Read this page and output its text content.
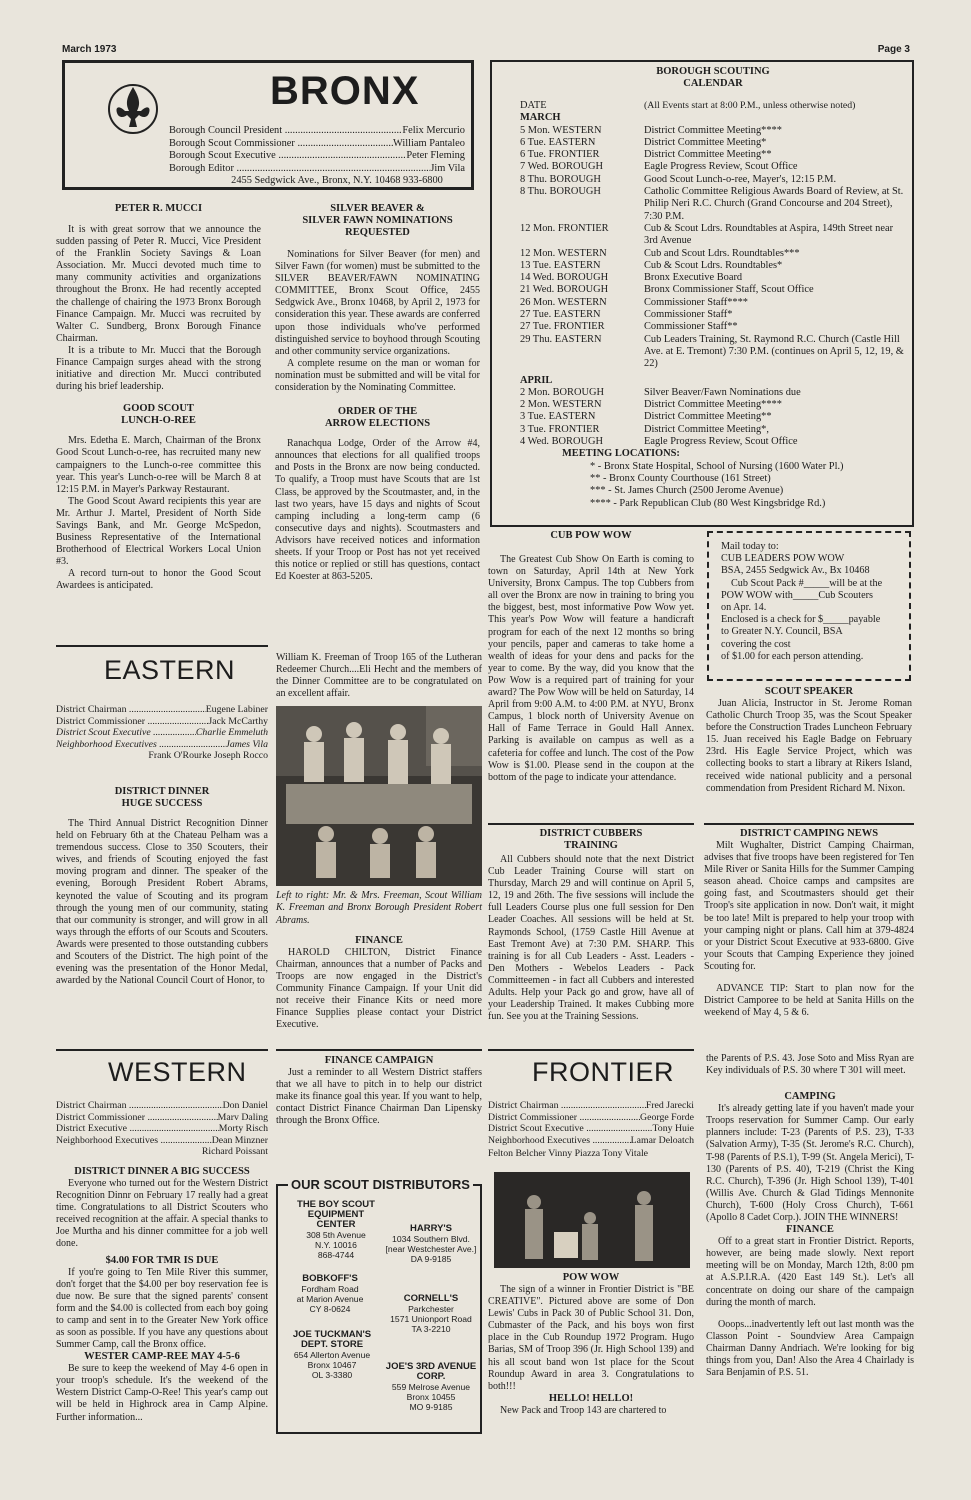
March 1973	Page 3
BRONX
Borough Council President .....	Felix Mercurio
Borough Scout Commissioner .....	William Pantaleo
Borough Scout Executive .....	Peter Fleming
Borough Editor .....	Jim Vila
2455 Sedgwick Ave., Bronx, N.Y. 10468 933-6800
PETER R. MUCCI

It is with great sorrow that we announce the sudden passing of Peter R. Mucci, Vice President of the Franklin Society Savings & Loan Association. Mr. Mucci devoted much time to many community activities and organizations throughout the Bronx. He had recently accepted the challenge of chairing the 1973 Bronx Borough Finance Campaign. Mr. Mucci was recruited by Walter C. Sundberg, Bronx Borough Finance Chairman.

It is a tribute to Mr. Mucci that the Borough Finance Campaign surges ahead with the strong initiative and direction Mr. Mucci contributed during his brief leadership.

GOOD SCOUT
LUNCH-O-REE

Mrs. Edetha E. March, Chairman of the Bronx Good Scout Lunch-o-ree, has recruited many new campaigners to the Lunch-o-ree committee this year. This year's Lunch-o-ree will be March 8 at 12:15 P.M. in Mayer's Parkway Restaurant.

The Good Scout Award recipients this year are Mr. Arthur J. Martel, President of North Side Savings Bank, and Mr. George McSpedon, Business Representative of the International Brotherhood of Electrical Workers Local Union #3.

A record turn-out to honor the Good Scout Awardees is anticipated.

SILVER BEAVER &
SILVER FAWN NOMINATIONS
REQUESTED

Nominations for Silver Beaver (for men) and Silver Fawn (for women) must be submitted to the SILVER BEAVER/FAWN NOMINATING COMMITTEE, Bronx Scout Office, 2455 Sedgwick Ave., Bronx 10468, by April 2, 1973 for consideration this year. These awards are conferred upon those individuals who've performed distinguished service to boyhood through Scouting and other community service organizations.

A complete resume on the man or woman for nomination must be submitted and will be vital for consideration by the Nominating Committee.

ORDER OF THE
ARROW ELECTIONS

Ranachqua Lodge, Order of the Arrow #4, announces that elections for all qualified troops and Posts in the Bronx are now being conducted. To qualify, a Troop must have Scouts that are 1st Class, be approved by the Scoutmaster, and, in the last two years, have 15 days and nights of Scout camping including a long-term camp (6 consecutive days and nights). Scoutmasters and Advisors have received notices and information sheets. If your Troop or Post has not yet received this notice or replied or still has questions, contact Ed Koester at 863-5205.

BOROUGH SCOUTING
CALENDAR
DATE	(All Events start at 8:00 P.M., unless otherwise noted)
MARCH
5 Mon. WESTERN	District Committee Meeting****
6 Tue. EASTERN	District Committee Meeting*
6 Tue. FRONTIER	District Committee Meeting**
7 Wed. BOROUGH	Eagle Progress Review, Scout Office
8 Thu. BOROUGH	Good Scout Lunch-o-ree, Mayer's, 12:15 P.M.
8 Thu. BOROUGH	Catholic Committee Religious Awards Board of Review, at St. Philip Neri R.C. Church (Grand Concourse and 204 Street), 7:30 P.M.
12 Mon. FRONTIER	Cub & Scout Ldrs. Roundtables at Aspira, 149th Street near 3rd Avenue
12 Mon. WESTERN	Cub and Scout Ldrs. Roundtables***
13 Tue. EASTERN	Cub & Scout Ldrs. Roundtables*
14 Wed. BOROUGH	Bronx Executive Board
21 Wed. BOROUGH	Bronx Commissioner Staff, Scout Office
26 Mon. WESTERN	Commissioner Staff****
27 Tue. EASTERN	Commissioner Staff*
27 Tue. FRONTIER	Commissioner Staff**
29 Thu. EASTERN	Cub Leaders Training, St. Raymond R.C. Church (Castle Hill Ave. at E. Tremont) 7:30 P.M. (continues on April 5, 12, 19, & 22)
APRIL
2 Mon. BOROUGH	Silver Beaver/Fawn Nominations due
2 Mon. WESTERN	District Committee Meeting****
3 Tue. EASTERN	District Committee Meeting**
3 Tue. FRONTIER	District Committee Meeting*,
4 Wed. BOROUGH	Eagle Progress Review, Scout Office
MEETING LOCATIONS:
* - Bronx State Hospital, School of Nursing (1600 Water Pl.)
** - Bronx County Courthouse (161 Street)
*** - St. James Church (2500 Jerome Avenue)
**** - Park Republican Club (80 West Kingsbridge Rd.)
EASTERN
District Chairman .....	Eugene Labiner
District Commissioner .....	Jack McCarthy
District Scout Executive .....	Charlie Emmeluth
Neighborhood Executives .....	James Vila
Frank O'Rourke Joseph Rocco
DISTRICT DINNER
HUGE SUCCESS

The Third Annual District Recognition Dinner held on February 6th at the Chateau Pelham was a tremendous success. Close to 350 Scouters, their wives, and friends of Scouting enjoyed the fast moving program and dinner. The speaker of the evening, Borough President Robert Abrams, keynoted the value of Scouting and its program through the young men of our community, stating that our community is stronger, and will grow in all ways through the efforts of our Scouts and Scouters. Awards were presented to those outstanding cubbers and Scouters of the District. The high point of the evening was the presentation of the Honor Medal, awarded by the National Council Court of Honor, to

William K. Freeman of Troop 165 of the Lutheran Redeemer Church....Eli Hecht and the members of the Dinner Committee are to be congratulated on an excellent affair.

Left to right: Mr. & Mrs. Freeman, Scout William K. Freeman and Bronx Borough President Robert Abrams.
FINANCE

HAROLD CHILTON, District Finance Chairman, announces that a number of Packs and Troops are now engaged in the District's Community Finance Campaign. If your Unit did not receive their Finance Kits or need more Finance Supplies please contact your District Executive.

CUB POW WOW

The Greatest Cub Show On Earth is coming to town on Saturday, April 14th at New York University, Bronx Campus. The top Cubbers from all over the Bronx are now in training to bring you the biggest, best, most informative Pow Wow yet. This year's Pow Wow will feature a handicraft program for each of the next 12 months so bring your pencils, paper and cameras to take home a wealth of ideas for your dens and packs for the year to come. By the way, did you know that the Pow Wow is a required part of training for your award? The Pow Wow will be held on Saturday, 14 April from 9:00 A.M. to 4:00 P.M. at NYU, Bronx Campus, 1 block north of University Avenue on Hall of Fame Terrace in Gould Hall Annex. Parking is available on campus as well as a cafeteria for coffee and lunch. The cost of the Pow Wow is $1.00. Please send in the coupon at the bottom of the page to indicate your attendance.

Mail today to:
CUB LEADERS POW WOW
BSA, 2455 Sedgwick Av., Bx 10468
Cub Scout Pack #_____will be at the
POW WOW with_____Cub Scouters
on Apr. 14.
Enclosed is a check for $_____payable
to Greater N.Y. Council, BSA
covering the cost
of $1.00 for each person attending.
SCOUT SPEAKER

Juan Alicia, Instructor in St. Jerome Roman Catholic Church Troop 35, was the Scout Speaker before the Construction Trades Luncheon February 15. Juan received his Eagle Badge on February 23rd. His Eagle Service Project, which was collecting books to start a library at Rikers Island, received wide national publicity and a personal commendation from President Richard M. Nixon.

DISTRICT CUBBERS
TRAINING

All Cubbers should note that the next District Cub Leader Training Course will start on Thursday, March 29 and will continue on April 5, 12, 19 and 26th. The five sessions will include the full Leaders Course plus one full session for Den Leader Coaches. All sessions will be held at St. Raymonds School, (1759 Castle Hill Avenue at East Tremont Ave) at 7:30 P.M. SHARP. This training is for all Cub Leaders - Asst. Leaders - Den Mothers - Webelos Leaders - Pack Committeemen - in fact all Cubbers and interested Adults. Help your Pack go and grow, have all of your Leadership Trained. It makes Cubbing more fun. See you at the Training Sessions.

DISTRICT CAMPING NEWS

Milt Wughalter, District Camping Chairman, advises that five troops have been registered for Ten Mile River or Sanita Hills for the Summer Camping season ahead. Choice camps and campsites are going fast, and Scoutmasters should get their Troop's site application in now. Don't wait, it might be too late! Milt is prepared to help your troop with your camping night or plans. Call him at 379-4824 or your District Scout Executive at 933-6800. Give your Scouts that Camping Experience they joined Scouting for.

ADVANCE TIP: Start to plan now for the District Camporee to be held at Sanita Hills on the weekend of May 4, 5 & 6.

WESTERN
District Chairman .....	Don Daniel
District Commissioner .....	Marv Daling
District Executive .....	Morty Risch
Neighborhood Executives .....	Dean Minzner
Richard Poissant
DISTRICT DINNER A BIG SUCCESS

Everyone who turned out for the Western District Recognition Dinnr on February 17 really had a great time. Congratulations to all District Scouters who received recognition at the affair. A special thanks to Joe Murtha and his dinner committee for a job well done.

$4.00 FOR TMR IS DUE

If you're going to Ten Mile River this summer, don't forget that the $4.00 per boy reservation fee is due now. Be sure that the signed parents' consent form and the $4.00 is collected from each boy going to camp and sent in to the Greater New York office as soon as possible. If you have any questions about Summer Camp, call the Bronx office.

WESTER CAMP-REE MAY 4-5-6

Be sure to keep the weekend of May 4-6 open in your troop's schedule. It's the weekend of the Western District Camp-O-Ree! This year's camp out will be held in Highrock area in Camp Alpine. Further information...

FINANCE CAMPAIGN

Just a reminder to all Western District staffers that we all have to pitch in to help our district make its finance goal this year. If you want to help, contact District Finance Chairman Dan Lipensky through the Bronx Office.

OUR SCOUT DISTRIBUTORS
THE BOY SCOUT EQUIPMENT CENTER
308 5th Avenue
N.Y. 10016
868-4744
HARRY'S
1034 Southern Blvd.
[near Westchester Ave.]
DA 9-9185
BOBKOFF'S
Fordham Road
at Marion Avenue
CY 8-0624
CORNELL'S
Parkchester
1571 Unionport Road
TA 3-2210
JOE TUCKMAN'S DEPT. STORE
654 Allerton Avenue
Bronx 10467
OL 3-3380
JOE'S 3RD AVENUE CORP.
559 Melrose Avenue
Bronx 10455
MO 9-9185
FRONTIER
District Chairman .....	Fred Jarecki
District Commissioner .....	George Forde
District Scout Executive .....	Tony Huie
Neighborhood Executives .....	Lamar Deloatch
Felton Belcher Vinny Piazza Tony Vitale
POW WOW

The sign of a winner in Frontier District is "BE CREATIVE". Pictured above are some of Don Lewis' Cubs in Pack 30 of Public School 31. Don, Cubmaster of the Pack, and his boys won first place in the Cub Roundup 1972 Program. Hugo Barias, SM of Troop 396 (Jr. High School 139) and his all scout band won 1st place for the Scout Roundup Award in area 3. Congratulations to both!!!

HELLO! HELLO!

New Pack and Troop 143 are chartered to

the Parents of P.S. 43. Jose Soto and Miss Ryan are Key individuals of P.S. 30 where T 301 will meet.

CAMPING

It's already getting late if you haven't made your Troops reservation for Summer Camp. Our early planners include: T-23 (Parents of P.S. 23), T-33 (Salvation Army), T-35 (St. Jerome's R.C. Church), T-98 (Parents of P.S.1), T-99 (St. Angela Merici), T-130 (Parents of P.S. 40), T-219 (Christ the King R.C. Church), T-396 (Jr. High School 139), T-401 (Willis Ave. Church & Glad Tidings Mennonite Church), T-600 (Holy Cross Church), T-661 (Apollo 8 Cadet Corp.). JOIN THE WINNERS!

FINANCE

Off to a great start in Frontier District. Reports, however, are being made slowly. Next report meeting will be on Monday, March 12th, 8:00 pm at A.S.P.I.R.A. (420 East 149 St.). Let's all concentrate on doing our share of the campaign during the month of march.

Ooops...inadvertently left out last month was the Classon Point - Soundview Area Campaign Chairman Danny Andriach. We're looking for big things from you, Dan! Also the Area 4 Chairlady is Sara Benjamin of P.S. 51.
